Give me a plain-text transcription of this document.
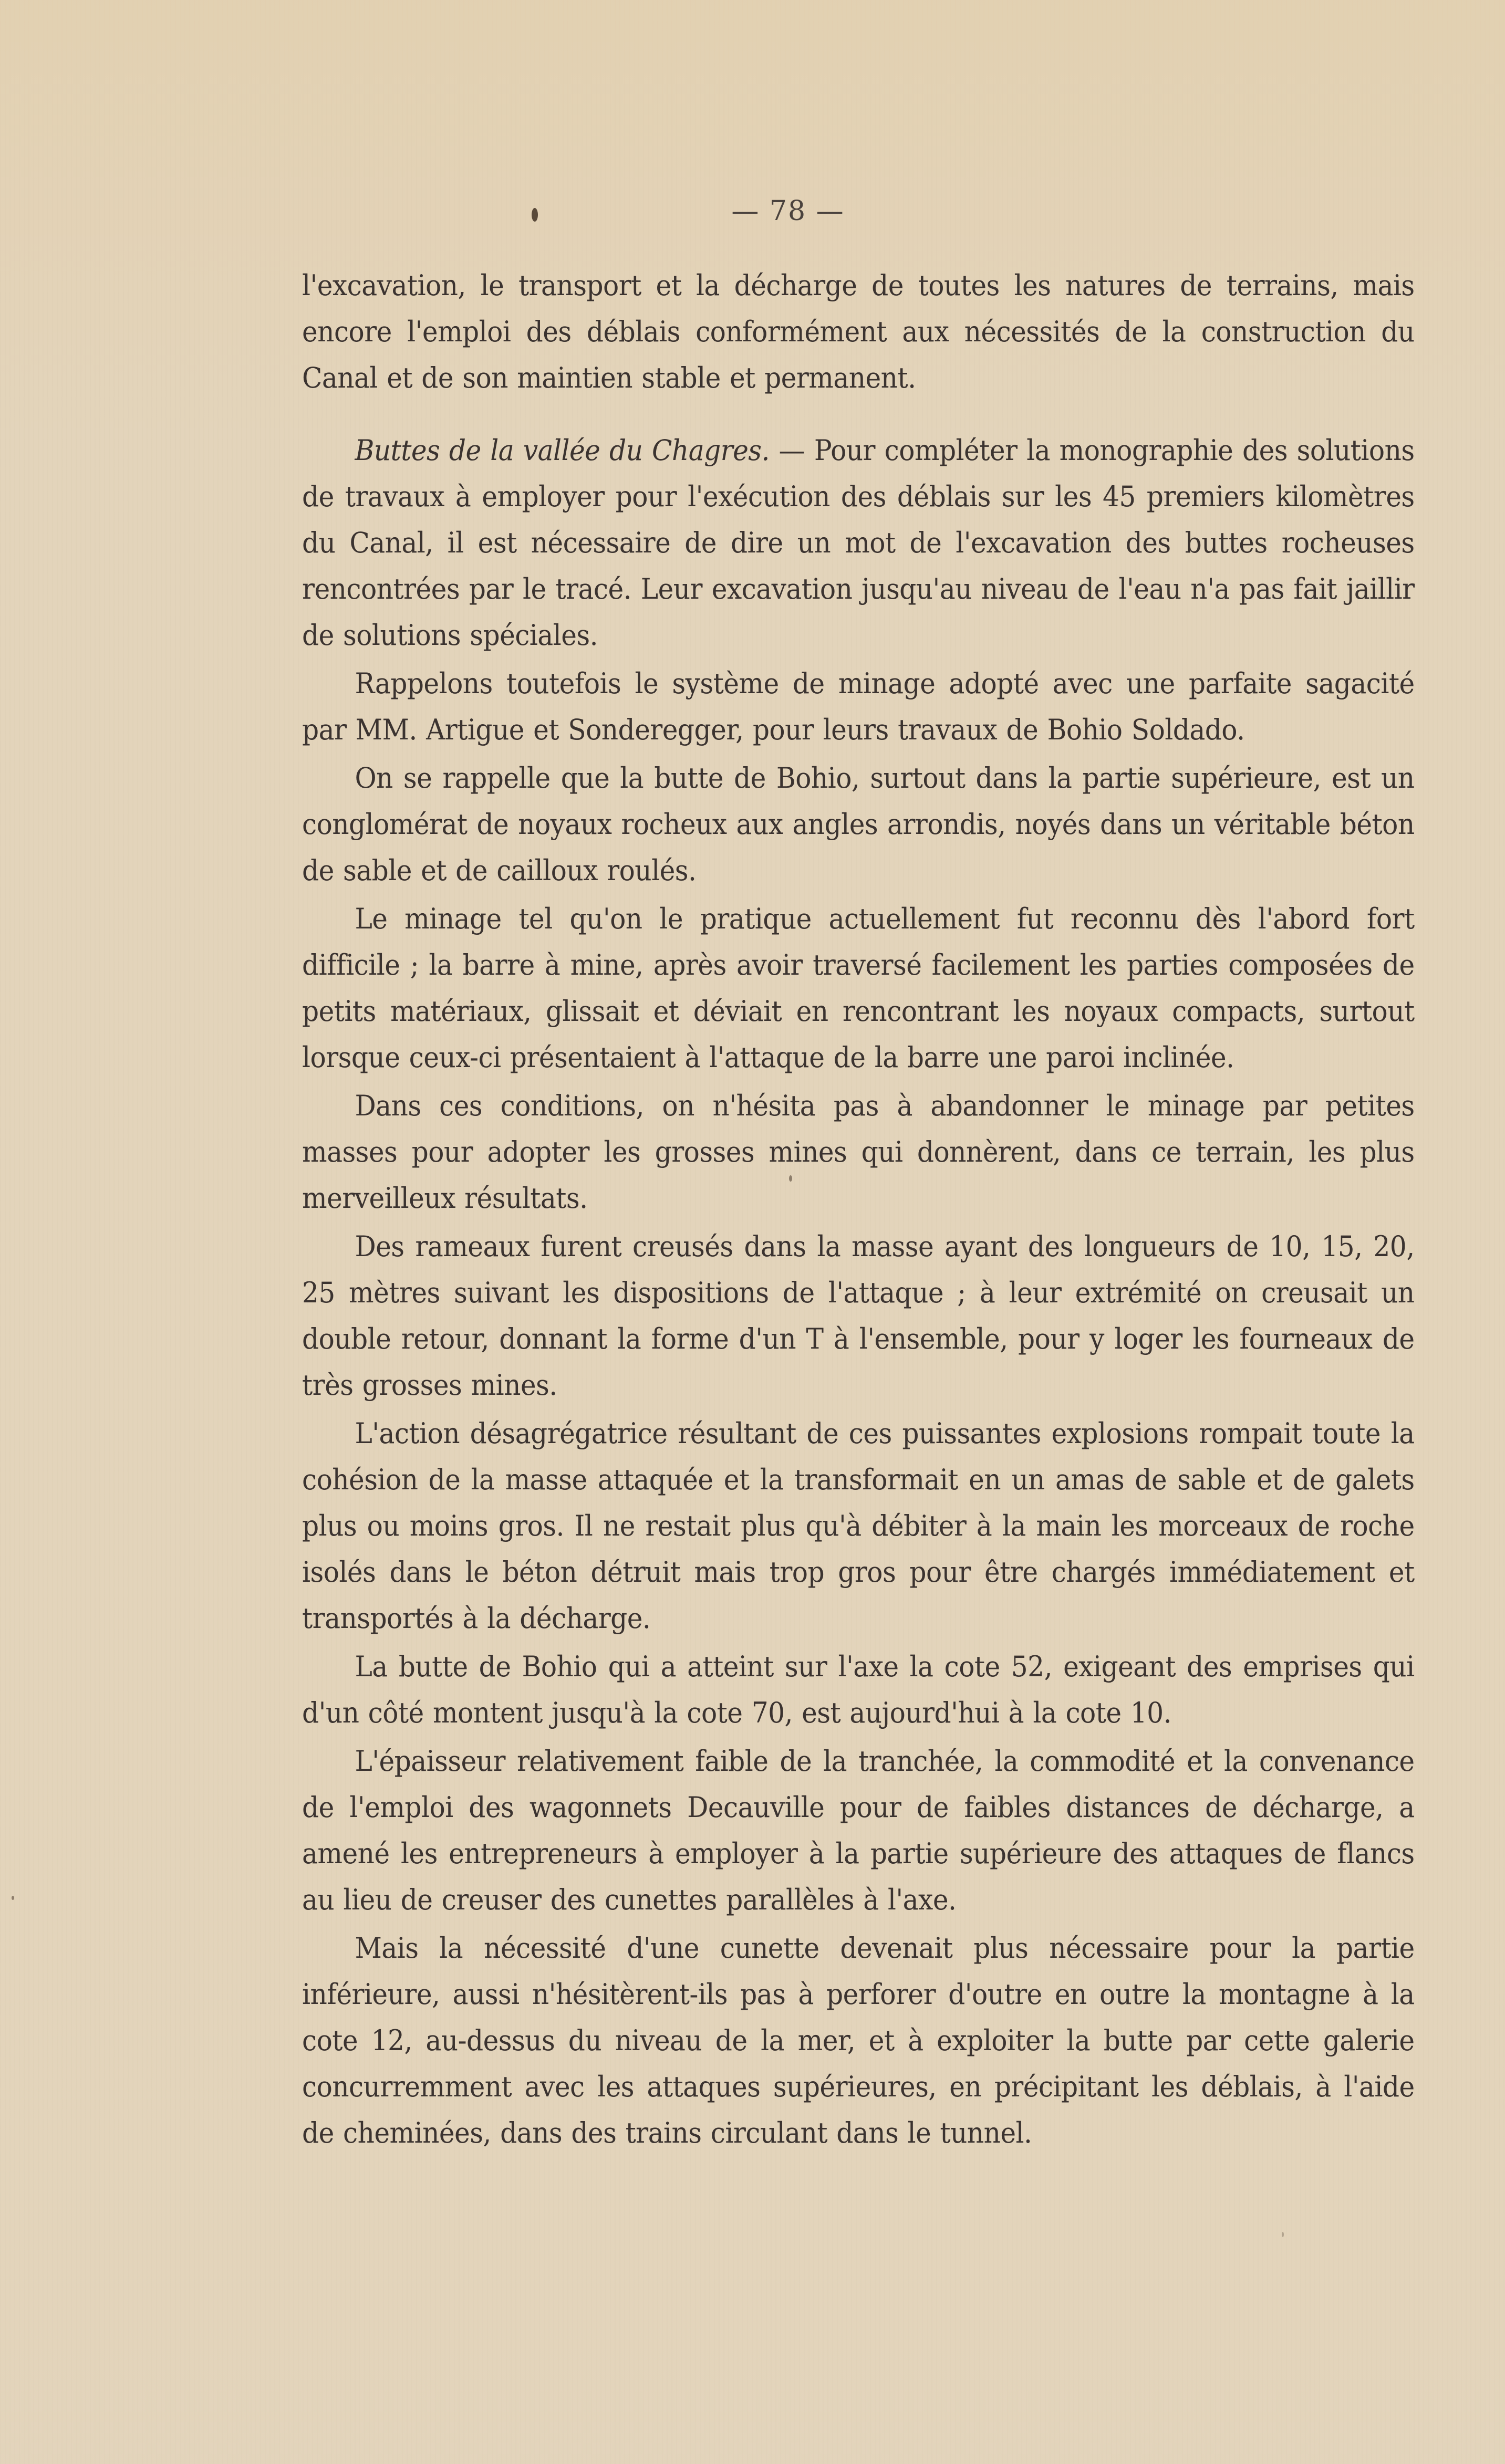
— 78 —

l'excavation, le transport et la décharge de toutes les natures de terrains, mais encore l'emploi des déblais conformément aux nécessités de la construction du Canal et de son maintien stable et permanent.

Buttes de la vallée du Chagres. — Pour compléter la monographie des solutions de travaux à employer pour l'exécution des déblais sur les 45 premiers kilomètres du Canal, il est nécessaire de dire un mot de l'excavation des buttes rocheuses rencontrées par le tracé. Leur excavation jusqu'au niveau de l'eau n'a pas fait jaillir de solutions spéciales.

Rappelons toutefois le système de minage adopté avec une parfaite sagacité par MM. Artigue et Sonderegger, pour leurs travaux de Bohio Soldado.

On se rappelle que la butte de Bohio, surtout dans la partie supérieure, est un conglomérat de noyaux rocheux aux angles arrondis, noyés dans un véritable béton de sable et de cailloux roulés.

Le minage tel qu'on le pratique actuellement fut reconnu dès l'abord fort difficile ; la barre à mine, après avoir traversé facilement les parties composées de petits matériaux, glissait et déviait en rencontrant les noyaux compacts, surtout lorsque ceux-ci présentaient à l'attaque de la barre une paroi inclinée.

Dans ces conditions, on n'hésita pas à abandonner le minage par petites masses pour adopter les grosses mines qui donnèrent, dans ce terrain, les plus merveilleux résultats.

Des rameaux furent creusés dans la masse ayant des longueurs de 10, 15, 20, 25 mètres suivant les dispositions de l'attaque ; à leur extrémité on creusait un double retour, donnant la forme d'un T à l'ensemble, pour y loger les fourneaux de très grosses mines.

L'action désagrégatrice résultant de ces puissantes explosions rompait toute la cohésion de la masse attaquée et la transformait en un amas de sable et de galets plus ou moins gros. Il ne restait plus qu'à débiter à la main les morceaux de roche isolés dans le béton détruit mais trop gros pour être chargés immédiatement et transportés à la décharge.

La butte de Bohio qui a atteint sur l'axe la cote 52, exigeant des emprises qui d'un côté montent jusqu'à la cote 70, est aujourd'hui à la cote 10.

L'épaisseur relativement faible de la tranchée, la commodité et la convenance de l'emploi des wagonnets Decauville pour de faibles distances de décharge, a amené les entrepreneurs à employer à la partie supérieure des attaques de flancs au lieu de creuser des cunettes parallèles à l'axe.

Mais la nécessité d'une cunette devenait plus nécessaire pour la partie inférieure, aussi n'hésitèrent-ils pas à perforer d'outre en outre la montagne à la cote 12, au-dessus du niveau de la mer, et à exploiter la butte par cette galerie concurremment avec les attaques supérieures, en précipitant les déblais, à l'aide de cheminées, dans des trains circulant dans le tunnel.
